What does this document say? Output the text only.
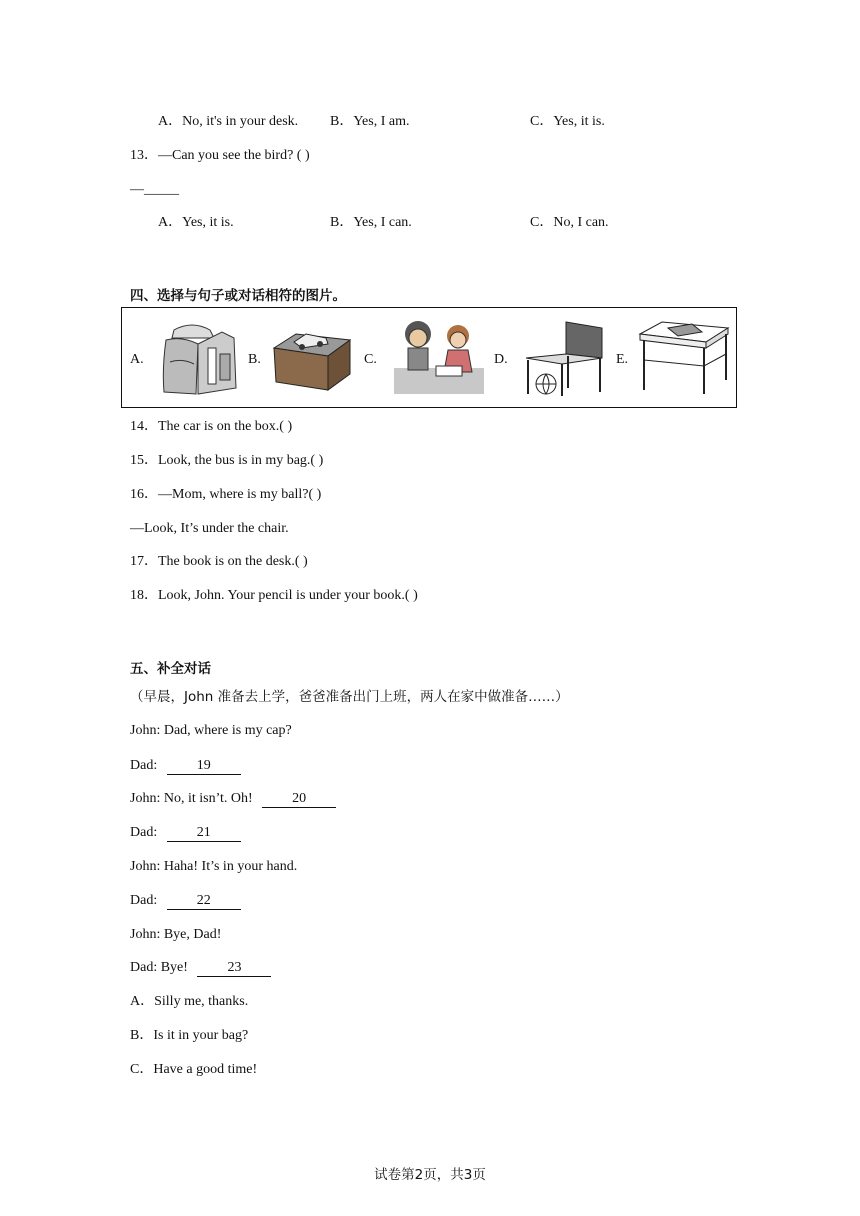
A．No, it's in your desk. B．Yes, I am.	C．Yes, it is.
13．—Can you see the bird? ( )
—_____
A．Yes, it is.	B．Yes, I can.	C．No, I can.
四、选择与句子或对话相符的图片。
A.	B.	C.	D.	E.
14．The car is on the box.( )
15．Look, the bus is in my bag.( )
16．—Mom, where is my ball?( )
—Look, It’s under the chair.
17．The book is on the desk.( )
18．Look, John. Your pencil is under your book.( )
五、补全对话
（早晨，John 准备去上学，爸爸准备出门上班，两人在家中做准备……）
John: Dad, where is my cap?
Dad:	19
John: No, it isn’t. Oh!	20
Dad:	21
John: Haha! It’s in your hand.
Dad:	22
John: Bye, Dad!
Dad: Bye!	23
A．Silly me, thanks.
B．Is it in your bag?
C．Have a good time!
试卷第2页，共3页
